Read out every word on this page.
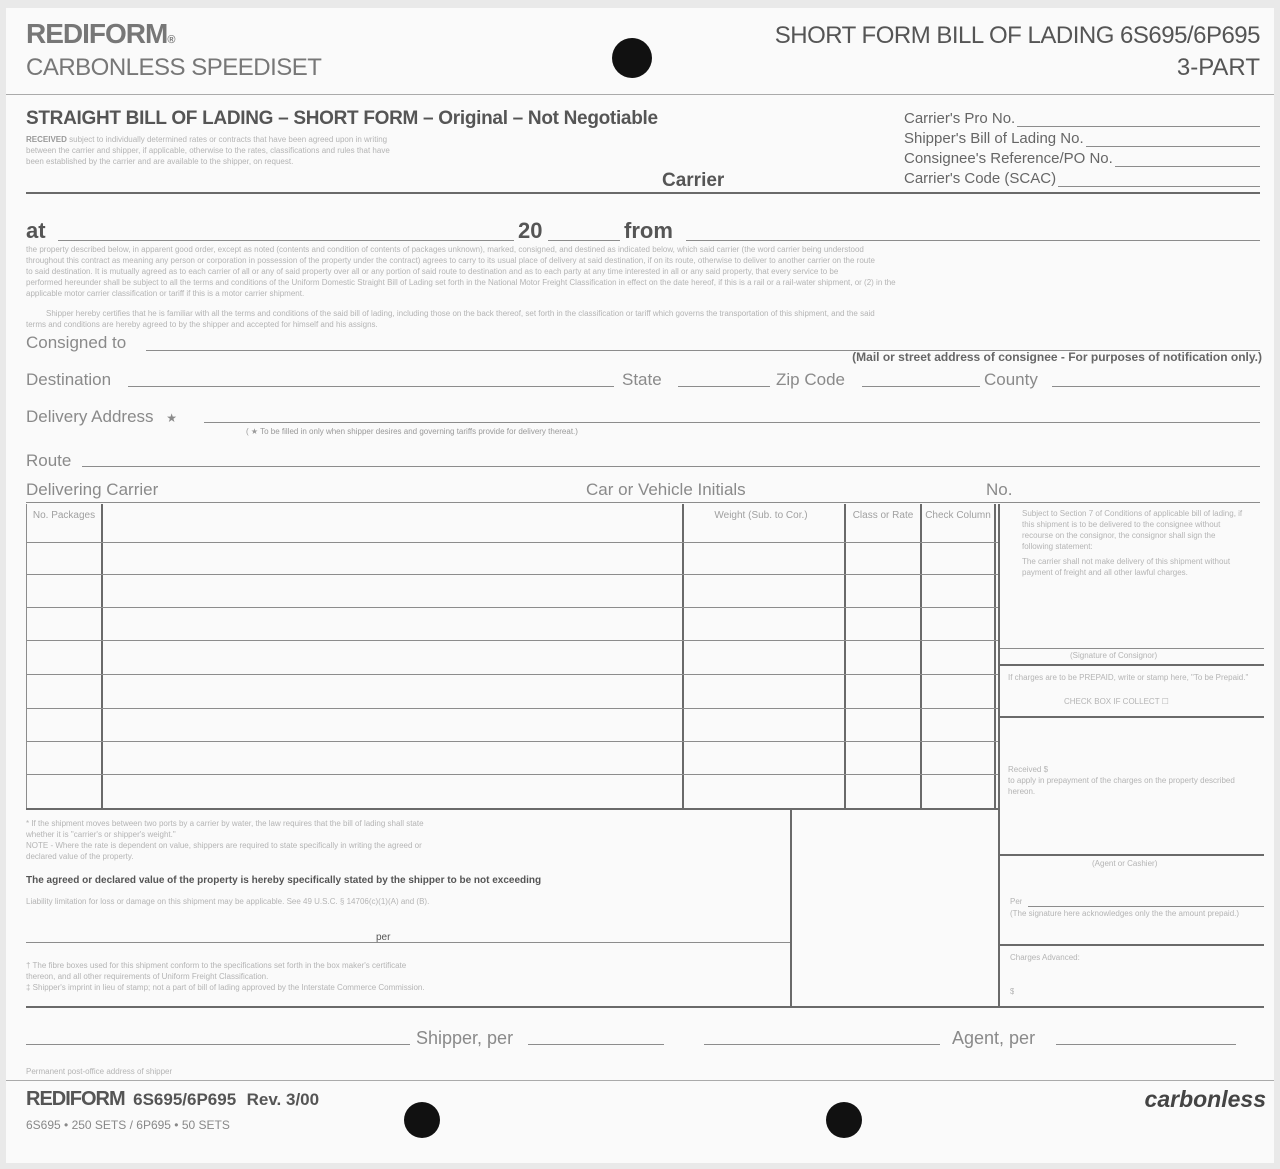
REDIFORM®
CARBONLESS SPEEDISET
SHORT FORM BILL OF LADING 6S695/6P695
3-PART
STRAIGHT BILL OF LADING – SHORT FORM – Original – Not Negotiable
RECEIVED subject to individually determined rates or contracts that have been agreed upon in writing
between the carrier and shipper, if applicable, otherwise to the rates, classifications and rules that have
been established by the carrier and are available to the shipper, on request.
Carrier's Pro No.
Shipper's Bill of Lading No.
Consignee's Reference/PO No.
Carrier's Code (SCAC)
Carrier
at	20	from
the property described below, in apparent good order, except as noted (contents and condition of contents of packages unknown), marked, consigned, and destined as indicated below, which said carrier (the word carrier being understood
throughout this contract as meaning any person or corporation in possession of the property under the contract) agrees to carry to its usual place of delivery at said destination, if on its route, otherwise to deliver to another carrier on the route
to said destination. It is mutually agreed as to each carrier of all or any of said property over all or any portion of said route to destination and as to each party at any time interested in all or any said property, that every service to be
performed hereunder shall be subject to all the terms and conditions of the Uniform Domestic Straight Bill of Lading set forth in the National Motor Freight Classification in effect on the date hereof, if this is a rail or a rail-water shipment, or (2) in the
applicable motor carrier classification or tariff if this is a motor carrier shipment.
Shipper hereby certifies that he is familiar with all the terms and conditions of the said bill of lading, including those on the back thereof, set forth in the classification or tariff which governs the transportation of this shipment, and the said
terms and conditions are hereby agreed to by the shipper and accepted for himself and his assigns.
Consigned to
(Mail or street address of consignee - For purposes of notification only.)
Destination	State	Zip Code	County
Delivery Address ★
( ★ To be filled in only when shipper desires and governing tariffs provide for delivery thereat.)
Route
Delivering Carrier	Car or Vehicle Initials	No.
No. Packages	Weight (Sub. to Cor.)	Class or Rate	Check Column	Subject to Section 7 of Conditions of applicable bill of lading, if this shipment is to be delivered to the consignee without recourse on the consignor, the consignor shall sign the following statement:
The carrier shall not make delivery of this shipment without payment of freight and all other lawful charges.
(Signature of Consignor)
If charges are to be PREPAID, write or stamp here, "To be Prepaid."
CHECK BOX IF COLLECT ☐
Received $
to apply in prepayment of the charges on the property described hereon.
(Agent or Cashier)
Per
(The signature here acknowledges only the the amount prepaid.)
Charges Advanced:
$
* If the shipment moves between two ports by a carrier by water, the law requires that the bill of lading shall state
whether it is "carrier's or shipper's weight."
NOTE - Where the rate is dependent on value, shippers are required to state specifically in writing the agreed or
declared value of the property.
The agreed or declared value of the property is hereby specifically stated by the shipper to be not exceeding
Liability limitation for loss or damage on this shipment may be applicable. See 49 U.S.C. § 14706(c)(1)(A) and (B).
per
† The fibre boxes used for this shipment conform to the specifications set forth in the box maker's certificate
thereon, and all other requirements of Uniform Freight Classification.
‡ Shipper's imprint in lieu of stamp; not a part of bill of lading approved by the Interstate Commerce Commission.
Shipper, per	Agent, per
Permanent post-office address of shipper
REDIFORM 6S695/6P695 Rev. 3/00
6S695 • 250 SETS / 6P695 • 50 SETS
carbonless
